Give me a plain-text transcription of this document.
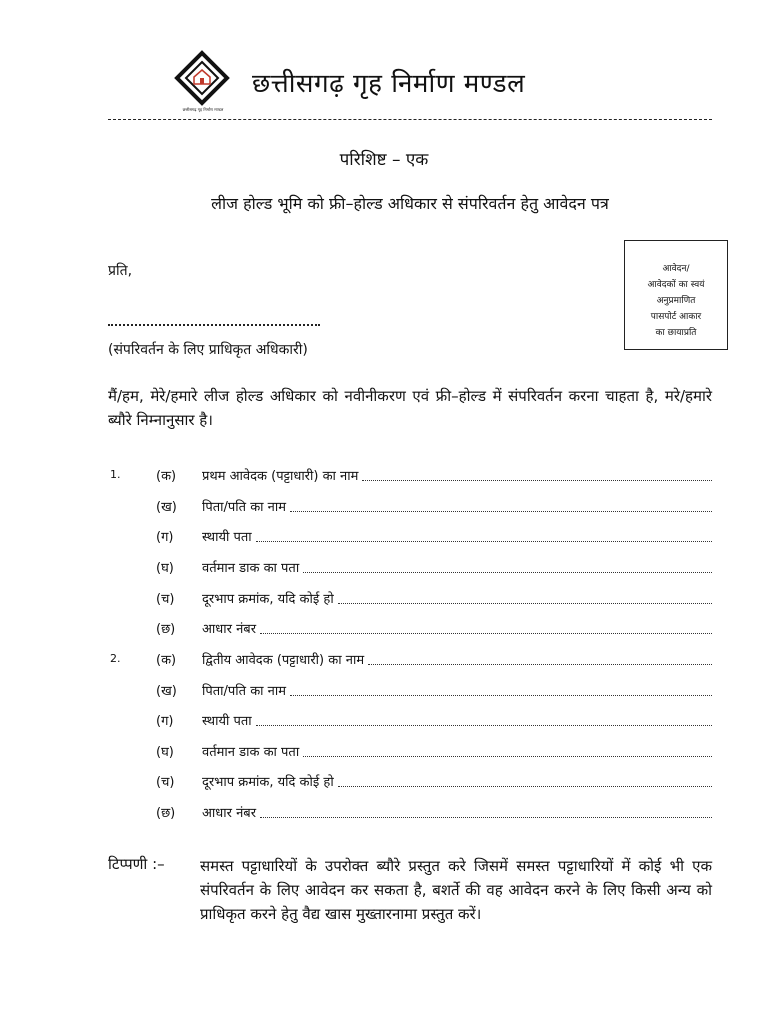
छत्तीसगढ़ गृह निर्माण मण्डल
छत्तीसगढ़ गृह निर्माण मण्डल
परिशिष्ट – एक
लीज होल्ड भूमि को फ्री–होल्ड अधिकार से संपरिवर्तन हेतु आवेदन पत्र
आवेदन/
आवेदकों का स्वयं
अनुप्रमाणित
पासपोर्ट आकार
का छायाप्रति
प्रति,
(संपरिवर्तन के लिए प्राधिकृत अधिकारी)
मैं/हम, मेरे/हमारे लीज होल्ड अधिकार को नवीनीकरण एवं फ्री–होल्ड में संपरिवर्तन करना चाहता है, मरे/हमारे ब्यौरे निम्नानुसार है।
1.	(क) प्रथम आवेदक (पट्टाधारी) का नाम
(ख) पिता/पति का नाम
(ग) स्थायी पता
(घ) वर्तमान डाक का पता
(च) दूरभाप क्रमांक, यदि कोई हो
(छ) आधार नंबर
2.	(क) द्वितीय आवेदक (पट्टाधारी) का नाम
(ख) पिता/पति का नाम
(ग) स्थायी पता
(घ) वर्तमान डाक का पता
(च) दूरभाप क्रमांक, यदि कोई हो
(छ) आधार नंबर
टिप्पणी :– समस्त पट्टाधारियों के उपरोक्त ब्यौरे प्रस्तुत करे जिसमें समस्त पट्टाधारियों में कोई भी एक संपरिवर्तन के लिए आवेदन कर सकता है, बशर्ते की वह आवेदन करने के लिए किसी अन्य को प्राधिकृत करने हेतु वैद्य खास मुख्तारनामा प्रस्तुत करें।
